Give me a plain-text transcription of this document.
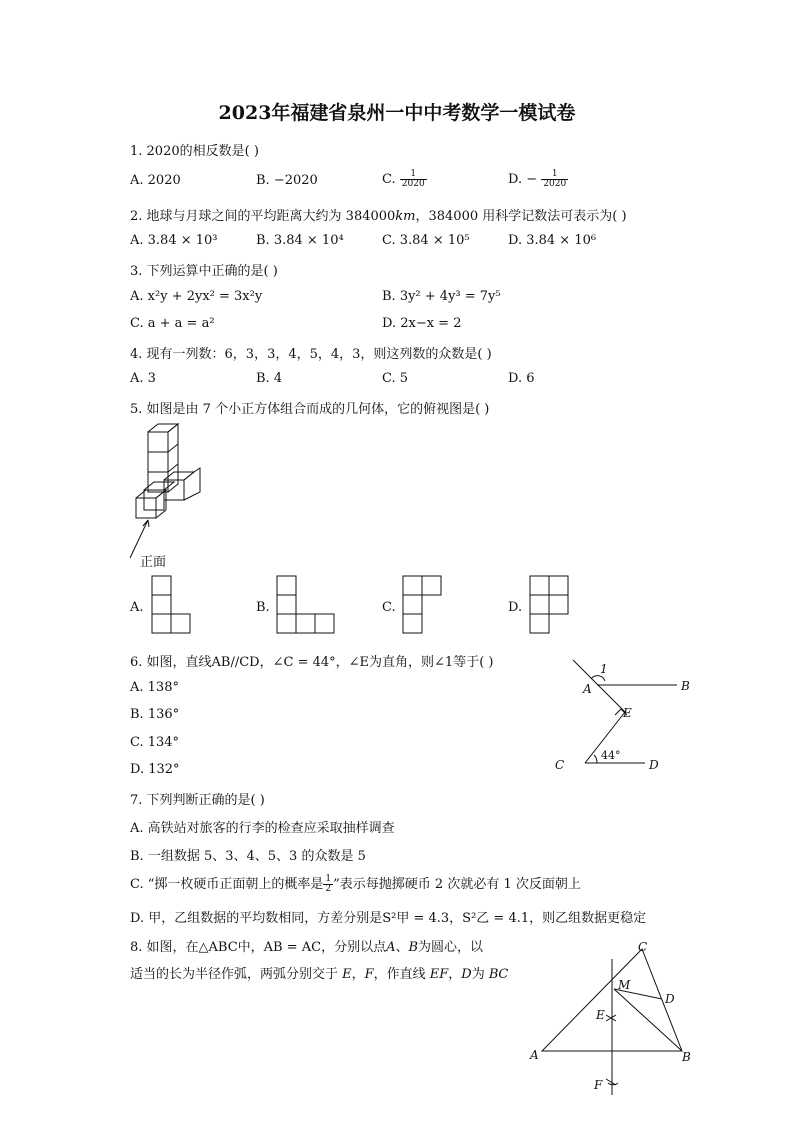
2023年福建省泉州一中中考数学一模试卷
1. 2020的相反数是( )
A. 2020	B. −2020	C. $\frac{1}{2020}$	D. − $\frac{1}{2020}$
2. 地球与月球之间的平均距离大约为 384000𝑘𝑚，384000 用科学记数法可表示为( )
A. 3.84 × 10³	B. 3.84 × 10⁴	C. 3.84 × 10⁵	D. 3.84 × 10⁶
3. 下列运算中正确的是( )
A. x²y + 2yx² = 3x²y	B. 3y² + 4y³ = 7y⁵
C. a + a = a²	D. 2x−x = 2
4. 现有一列数：6，3，3，4，5，4，3，则这列数的众数是( )
A. 3	B. 4	C. 5	D. 6
5. 如图是由 7 个小正方体组合而成的几何体，它的俯视图是( )
正面
A.	B.	C.	D.
6. 如图，直线AB//CD，∠C = 44°，∠E为直角，则∠1等于( )
A. 138°
B. 136°
C. 134°
D. 132°
1
A	B
E
C	D
44°
7. 下列判断正确的是( )
A. 高铁站对旅客的行李的检查应采取抽样调查
B. 一组数据 5、3、4、5、3 的众数是 5
C. “掷一枚硬币正面朝上的概率是 $\frac{1}{2}$ ”表示每抛掷硬币 2 次就必有 1 次反面朝上
D. 甲，乙组数据的平均数相同，方差分别是S²甲 = 4.3，S²乙 = 4.1，则乙组数据更稳定
8. 如图，在△ABC中，AB = AC，分别以点𝐴、𝐵为圆心，以
适当的长为半径作弧，两弧分别交于 𝐸，𝐹，作直线 𝐸𝐹，𝐷为 𝐵𝐶
C
M
D
E
A	B
F
